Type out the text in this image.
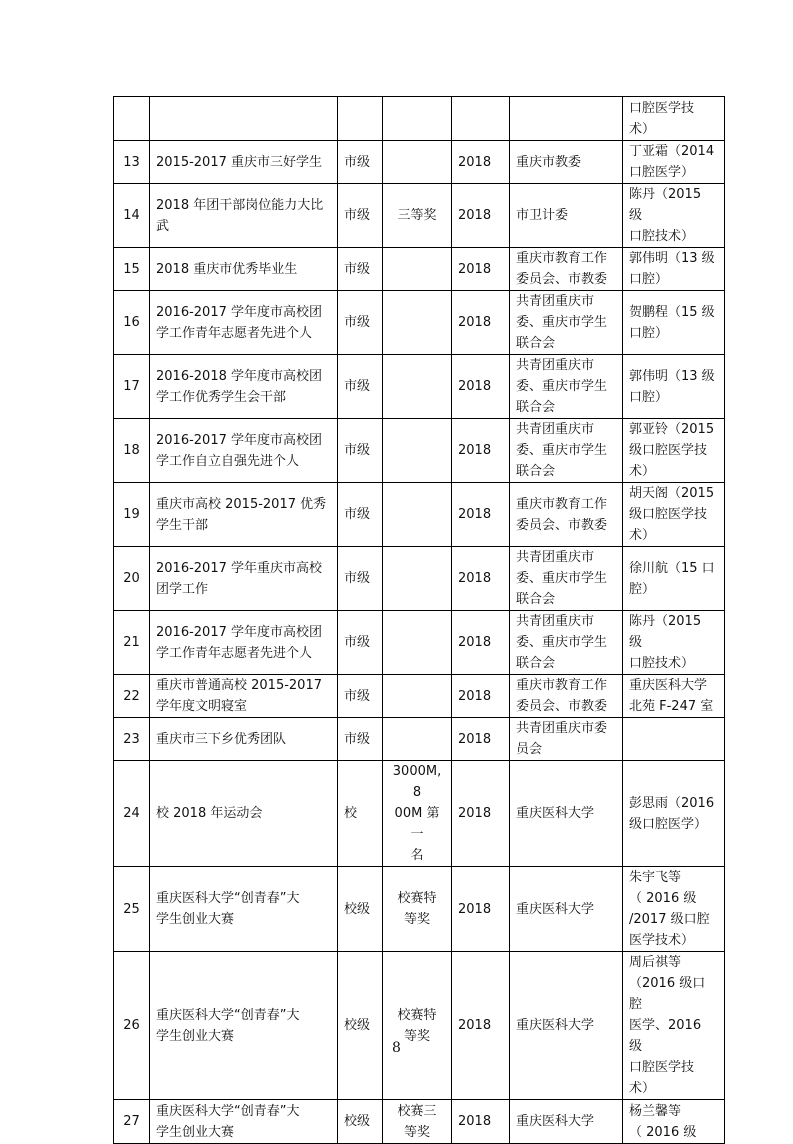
						口腔医学技
术）

13	2015-2017 重庆市三好学生	市级		2018	重庆市教委	丁亚霜（2014
口腔医学）

14	2018 年团干部岗位能力大比
武	市级	三等奖	2018	市卫计委	陈丹（2015 级
口腔技术）

15	2018 重庆市优秀毕业生	市级		2018	重庆市教育工作
委员会、市教委	郭伟明（13 级
口腔）

16	2016-2017 学年度市高校团
学工作青年志愿者先进个人	市级		2018	共青团重庆市
委、重庆市学生
联合会	贺鹏程（15 级
口腔）

17	2016-2018 学年度市高校团
学工作优秀学生会干部	市级		2018	共青团重庆市
委、重庆市学生
联合会	郭伟明（13 级
口腔）

18	2016-2017 学年度市高校团
学工作自立自强先进个人	市级		2018	共青团重庆市
委、重庆市学生
联合会	郭亚铃（2015
级口腔医学技
术）

19	重庆市高校 2015-2017 优秀
学生干部	市级		2018	重庆市教育工作
委员会、市教委	胡天阁（2015
级口腔医学技
术）

20	2016-2017 学年重庆市高校
团学工作	市级		2018	共青团重庆市
委、重庆市学生
联合会	徐川航（15 口
腔）

21	2016-2017 学年度市高校团
学工作青年志愿者先进个人	市级		2018	共青团重庆市
委、重庆市学生
联合会	陈丹（2015 级
口腔技术）

22	重庆市普通高校 2015-2017
学年度文明寝室	市级		2018	重庆市教育工作
委员会、市教委	重庆医科大学
北苑 F-247 室

23	重庆市三下乡优秀团队	市级		2018	共青团重庆市委
员会	

24	校 2018 年运动会	校	3000M,8
00M 第一
名	2018	重庆医科大学	彭思雨（2016
级口腔医学）

25	重庆医科大学“创青春”大
学生创业大赛	校级	校赛特
等奖	2018	重庆医科大学	朱宇飞等
（ 2016 级
/2017 级口腔
医学技术）

26	重庆医科大学“创青春”大
学生创业大赛	校级	校赛特
等奖	2018	重庆医科大学	周后祺等
（2016 级口腔
医学、2016 级
口腔医学技
术）

27	重庆医科大学“创青春”大
学生创业大赛	校级	校赛三
等奖	2018	重庆医科大学	杨兰馨等
（ 2016 级
8
